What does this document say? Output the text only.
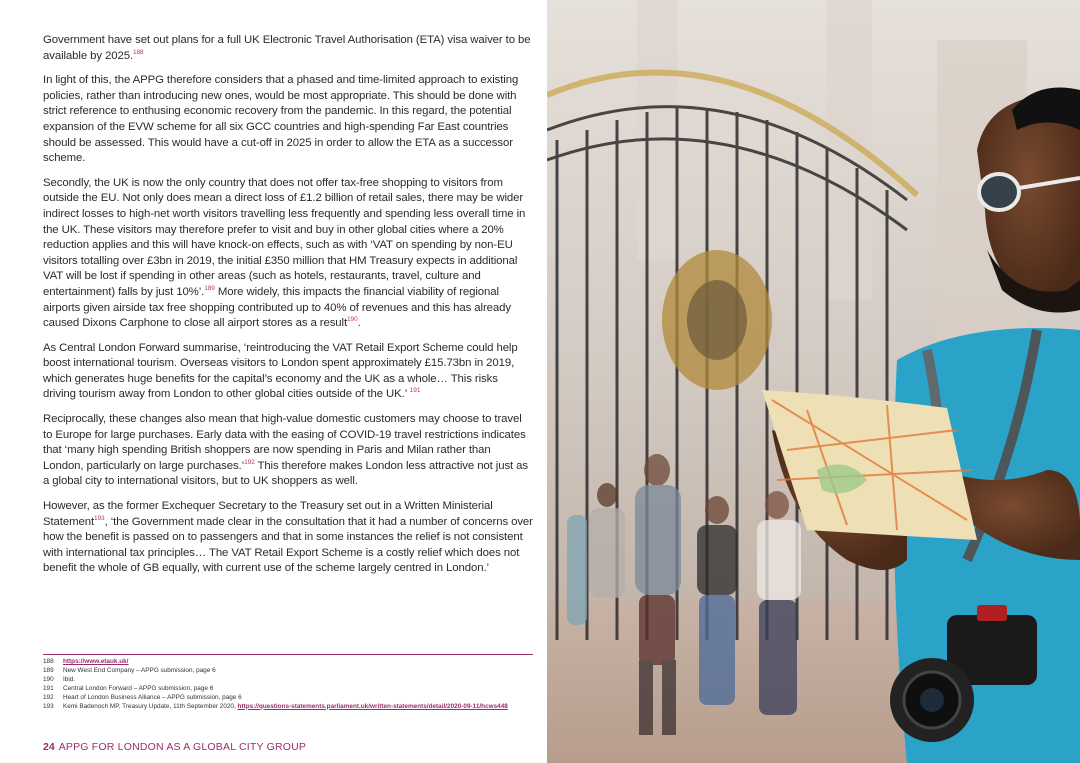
Government have set out plans for a full UK Electronic Travel Authorisation (ETA) visa waiver to be available by 2025.$^{188}$

In light of this, the APPG therefore considers that a phased and time-limited approach to existing policies, rather than introducing new ones, would be most appropriate. This should be done with strict reference to enthusing economic recovery from the pandemic. In this regard, the potential expansion of the EVW scheme for all six GCC countries and high-spending Far East countries should be assessed. This would have a cut-off in 2025 in order to allow the ETA as a successor scheme.

Secondly, the UK is now the only country that does not offer tax-free shopping to visitors from outside the EU. Not only does mean a direct loss of £1.2 billion of retail sales, there may be wider indirect losses to high-net worth visitors travelling less frequently and spending less overall time in the UK. These visitors may therefore prefer to visit and buy in other global cities where a 20% reduction applies and this will have knock-on effects, such as with ‘VAT on spending by non-EU visitors totalling over £3bn in 2019, the initial £350 million that HM Treasury expects in additional VAT will be lost if spending in other areas (such as hotels, restaurants, travel, culture and entertainment) falls by just 10%’.$^{189}$ More widely, this impacts the financial viability of regional airports given airside tax free shopping contributed up to 40% of revenues and this has already caused Dixons Carphone to close all airport stores as a result$^{190}$.

As Central London Forward summarise, ‘reintroducing the VAT Retail Export Scheme could help boost international tourism. Overseas visitors to London spent approximately £15.73bn in 2019, which generates huge benefits for the capital’s economy and the UK as a whole… This risks driving tourism away from London to other global cities outside of the UK.’ $^{191}$

Reciprocally, these changes also mean that high-value domestic customers may choose to travel to Europe for large purchases. Early data with the easing of COVID-19 travel restrictions indicates that ‘many high spending British shoppers are now spending in Paris and Milan rather than London, particularly on large purchases.’$^{192}$ This therefore makes London less attractive not just as a global city to international visitors, but to UK shoppers as well.

However, as the former Exchequer Secretary to the Treasury set out in a Written Ministerial Statement$^{193}$, ‘the Government made clear in the consultation that it had a number of concerns over how the benefit is passed on to passengers and that in some instances the relief is not consistent with international tax principles… The VAT Retail Export Scheme is a costly relief which does not benefit the whole of GB equally, with current use of the scheme largely centred in London.’

188	https://www.etauk.uk/
189	New West End Company – APPG submission, page 6
190	Ibid.
191	Central London Forward – APPG submission, page 6
192	Heart of London Business Alliance – APPG submission, page 6
193	Kemi Badenoch MP, Treasury Update, 11th September 2020, https://questions-statements.parliament.uk/written-statements/detail/2020-09-11/hcws448
24 APPG FOR LONDON AS A GLOBAL CITY GROUP
